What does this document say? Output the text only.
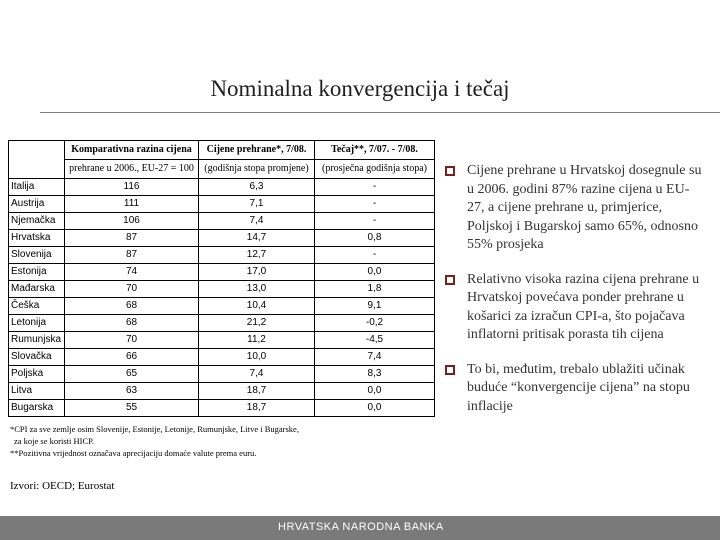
Nominalna konvergencija i tečaj
	Komparativna razina cijena	Cijene prehrane*, 7/08.	Tečaj**, 7/07. - 7/08.
	prehrane u 2006., EU-27 = 100	(godišnja stopa promjene)	(prosječna godišnja stopa)
Italija	116	6,3	-
Austrija	111	7,1	-
Njemačka	106	7,4	-
Hrvatska	87	14,7	0,8
Slovenija	87	12,7	-
Estonija	74	17,0	0,0
Mađarska	70	13,0	1,8
Češka	68	10,4	9,1
Letonija	68	21,2	-0,2
Rumunjska	70	11,2	-4,5
Slovačka	66	10,0	7,4
Poljska	65	7,4	8,3
Litva	63	18,7	0,0
Bugarska	55	18,7	0,0
*CPI za sve zemlje osim Slovenije, Estonije, Letonije, Rumunjske, Litve i Bugarske,
za koje se koristi HICP.
**Pozitivna vrijednost označava aprecijaciju domaće valute prema euru.
Izvori: OECD; Eurostat
Cijene prehrane u Hrvatskoj dosegnule su u 2006. godini 87% razine cijena u EU-27, a cijene prehrane u, primjerice, Poljskoj i Bugarskoj samo 65%, odnosno 55% prosjeka
Relativno visoka razina cijena prehrane u Hrvatskoj povećava ponder prehrane u košarici za izračun CPI-a, što pojačava inflatorni pritisak porasta tih cijena
To bi, međutim, trebalo ublažiti učinak buduće “konvergencije cijena” na stopu inflacije
HRVATSKA NARODNA BANKA
